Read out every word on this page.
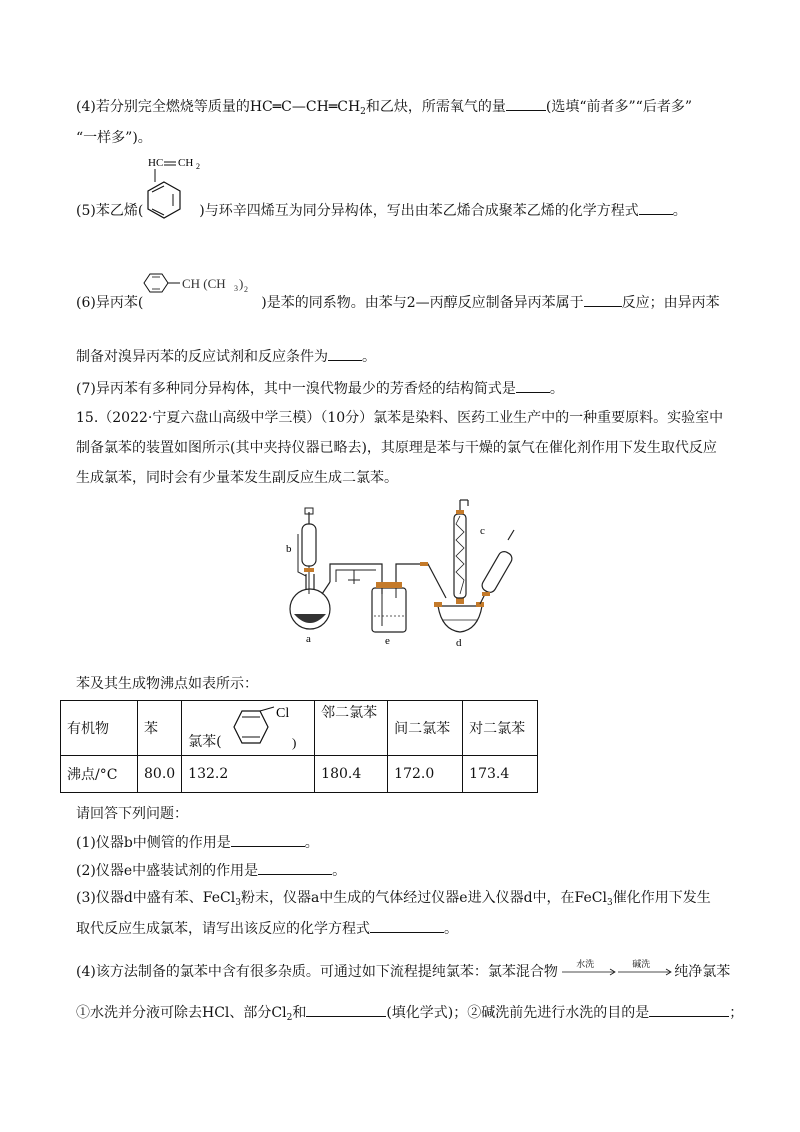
(4)若分别完全燃烧等质量的$HC═C—CH═CH_2$和乙炔，所需氧气的量	(选填“前者多”“后者多”
“一样多”)。
HC CH 2
(5)苯乙烯(	)与环辛四烯互为同分异构体，写出由苯乙烯合成聚苯乙烯的化学方程式 。
CH (CH 3 ) 2
(6)异丙苯(	)是苯的同系物。由苯与2—丙醇反应制备异丙苯属于	反应；由异丙苯
制备对溴异丙苯的反应试剂和反应条件为 。
(7)异丙苯有多种同分异构体，其中一溴代物最少的芳香烃的结构简式是 。
15.（2022·宁夏六盘山高级中学三模）（10分）氯苯是染料、医药工业生产中的一种重要原料。实验室中
制备氯苯的装置如图所示(其中夹持仪器已略去)，其原理是苯与干燥的氯气在催化剂作用下发生取代反应
生成氯苯，同时会有少量苯发生副反应生成二氯苯。
b
a	e	d
c
苯及其生成物沸点如表所示：
有机物	苯	氯苯(
Cl
)	邻二氯苯	间二氯苯	对二氯苯
沸点/°C	80.0	132.2	180.4	172.0	173.4
请回答下列问题：
(1)仪器b中侧管的作用是	。
(2)仪器e中盛装试剂的作用是	。
(3)仪器d中盛有苯、FeCl$_3$粉末，仪器a中生成的气体经过仪器e进入仪器d中，在FeCl$_3$催化作用下发生
取代反应生成氯苯，请写出该反应的化学方程式	。
(4)该方法制备的氯苯中含有很多杂质。可通过如下流程提纯氯苯：氯苯混合物 水洗	碱洗 纯净氯苯
①水洗并分液可除去HCl、部分$Cl_2$和	(填化学式)；②碱洗前先进行水洗的目的是	；
